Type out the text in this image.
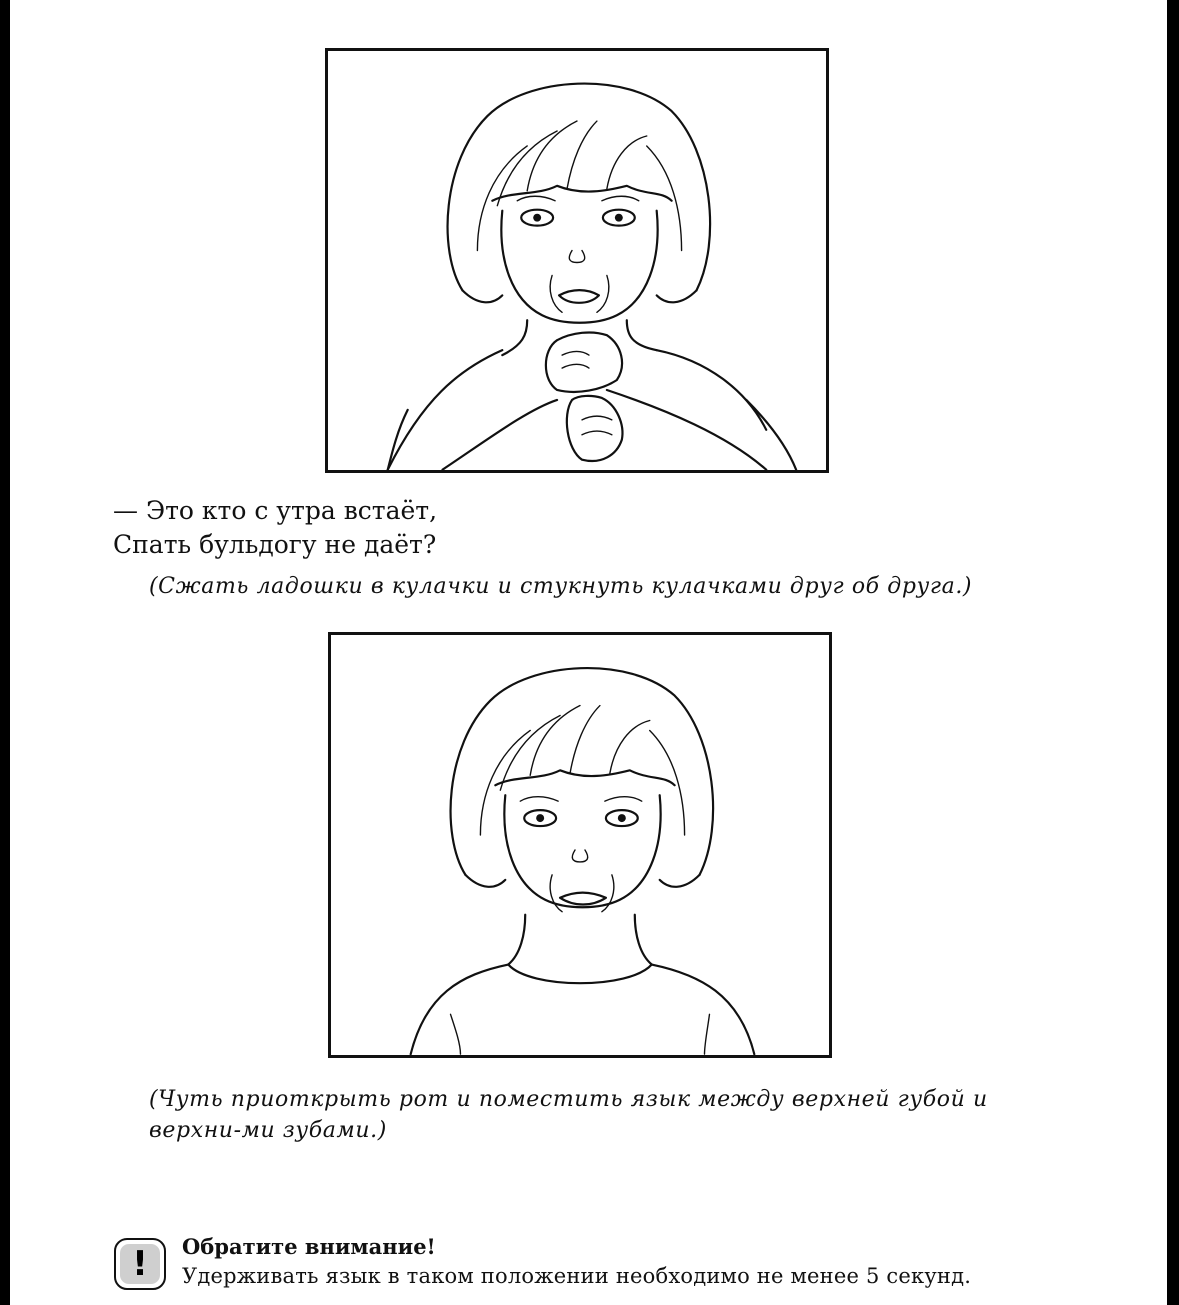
— Это кто с утра встаёт,
Спать бульдогу не даёт?

(Сжать ладошки в кулачки и стукнуть кулачками друг об друга.)

(Чуть приоткрыть рот и поместить язык между верхней губой и верхни-ми зубами.)

!	Обратите внимание!
Удерживать язык в таком положении необходимо не менее 5 секунд.
